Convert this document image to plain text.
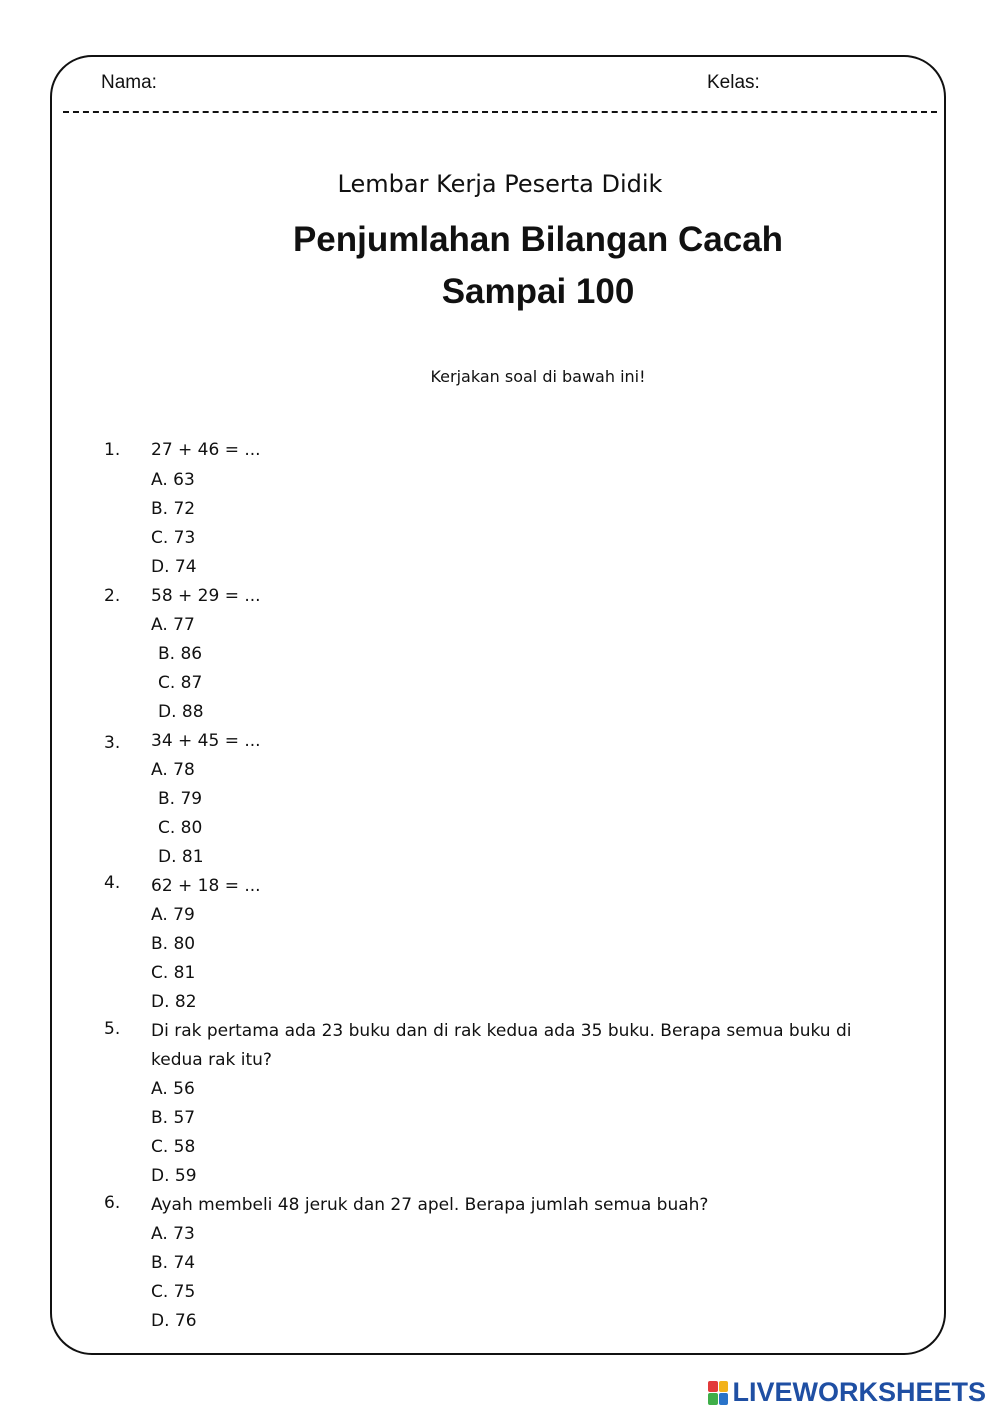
Nama:	Kelas:
Lembar Kerja Peserta Didik
Penjumlahan Bilangan Cacah
Sampai 100
Kerjakan soal di bawah ini!
1. 27 + 46 = ...
A. 63
B. 72
C. 73
D. 74
2. 58 + 29 = ...
A. 77
B. 86
C. 87
D. 88
3. 34 + 45 = ...
A. 78
B. 79
C. 80
D. 81
4. 62 + 18 = ...
A. 79
B. 80
C. 81
D. 82
5. Di rak pertama ada 23 buku dan di rak kedua ada 35 buku. Berapa semua buku di kedua rak itu?
A. 56
B. 57
C. 58
D. 59
6. Ayah membeli 48 jeruk dan 27 apel. Berapa jumlah semua buah?
A. 73
B. 74
C. 75
D. 76
LIVEWORKSHEETS
